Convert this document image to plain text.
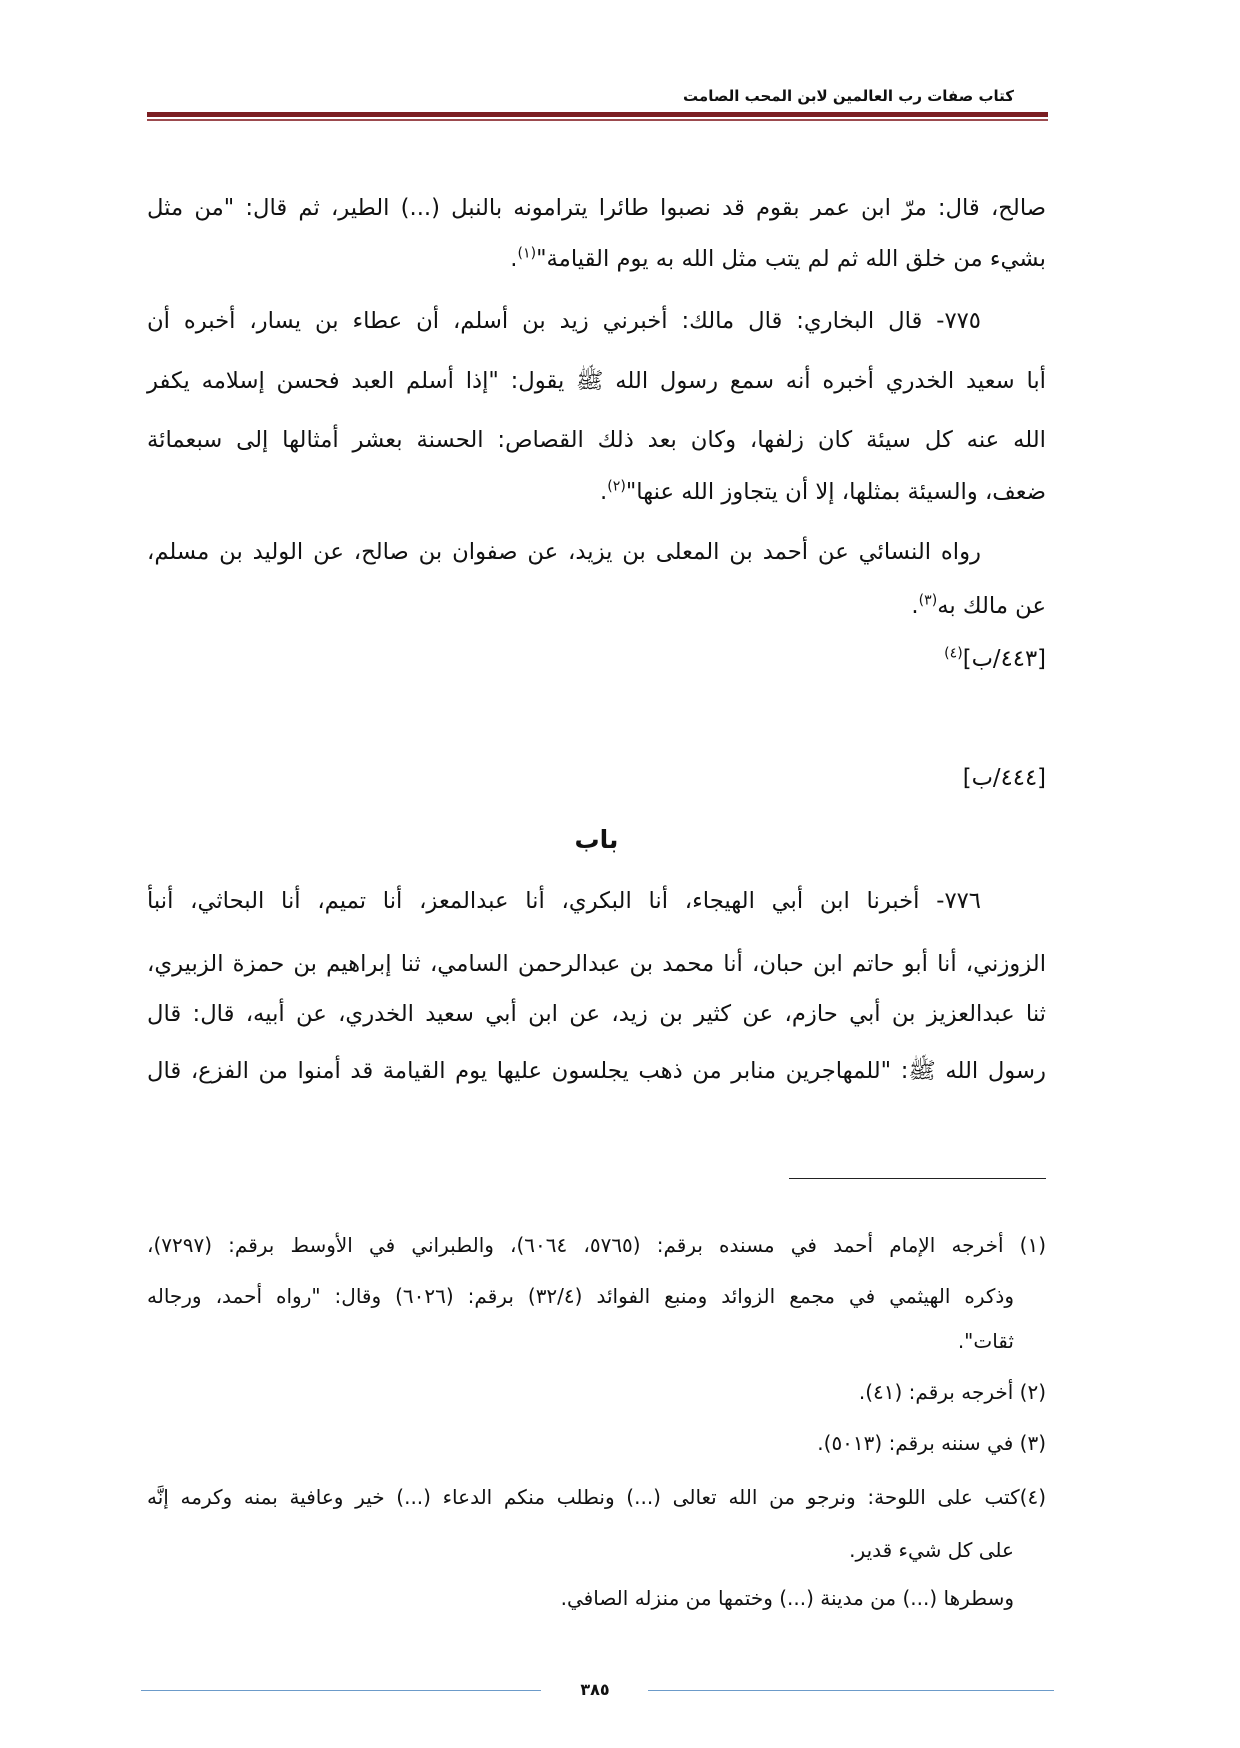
كتاب صفات رب العالمين لابن المحب الصامت
صالح، قال: مرّ ابن عمر بقوم قد نصبوا طائرا يترامونه بالنبل (...) الطير، ثم قال: "من مثل
بشيء من خلق الله ثم لم يتب مثل الله به يوم القيامة"$^{(١)}$.
٧٧٥- قال البخاري: قال مالك: أخبرني زيد بن أسلم، أن عطاء بن يسار، أخبره أن
أبا سعيد الخدري أخبره أنه سمع رسول الله ﷺ يقول: "إذا أسلم العبد فحسن إسلامه يكفر
الله عنه كل سيئة كان زلفها، وكان بعد ذلك القصاص: الحسنة بعشر أمثالها إلى سبعمائة
ضعف، والسيئة بمثلها، إلا أن يتجاوز الله عنها"$^{(٢)}$.
رواه النسائي عن أحمد بن المعلى بن يزيد، عن صفوان بن صالح، عن الوليد بن مسلم،
عن مالك به$^{(٣)}$.
[٤٤٣/ب]$^{(٤)}$
[٤٤٤/ب]
باب
٧٧٦- أخبرنا ابن أبي الهيجاء، أنا البكري، أنا عبدالمعز، أنا تميم، أنا البحاثي، أنبأ
الزوزني، أنا أبو حاتم ابن حبان، أنا محمد بن عبدالرحمن السامي، ثنا إبراهيم بن حمزة الزبيري،
ثنا عبدالعزيز بن أبي حازم، عن كثير بن زيد، عن ابن أبي سعيد الخدري، عن أبيه، قال: قال
رسول الله ﷺ: "للمهاجرين منابر من ذهب يجلسون عليها يوم القيامة قد أمنوا من الفزع، قال
(١) أخرجه الإمام أحمد في مسنده برقم: (٥٧٦٥، ٦٠٦٤)، والطبراني في الأوسط برقم: (٧٢٩٧)،
وذكره الهيثمي في مجمع الزوائد ومنبع الفوائد (٣٢/٤) برقم: (٦٠٢٦) وقال: "رواه أحمد، ورجاله
ثقات".
(٢) أخرجه برقم: (٤١).
(٣) في سننه برقم: (٥٠١٣).
(٤)كتب على اللوحة: ونرجو من الله تعالى (...) ونطلب منكم الدعاء (...) خير وعافية بمنه وكرمه إنَّه
على كل شيء قدير.
وسطرها (...) من مدينة (...) وختمها من منزله الصافي.
٣٨٥
